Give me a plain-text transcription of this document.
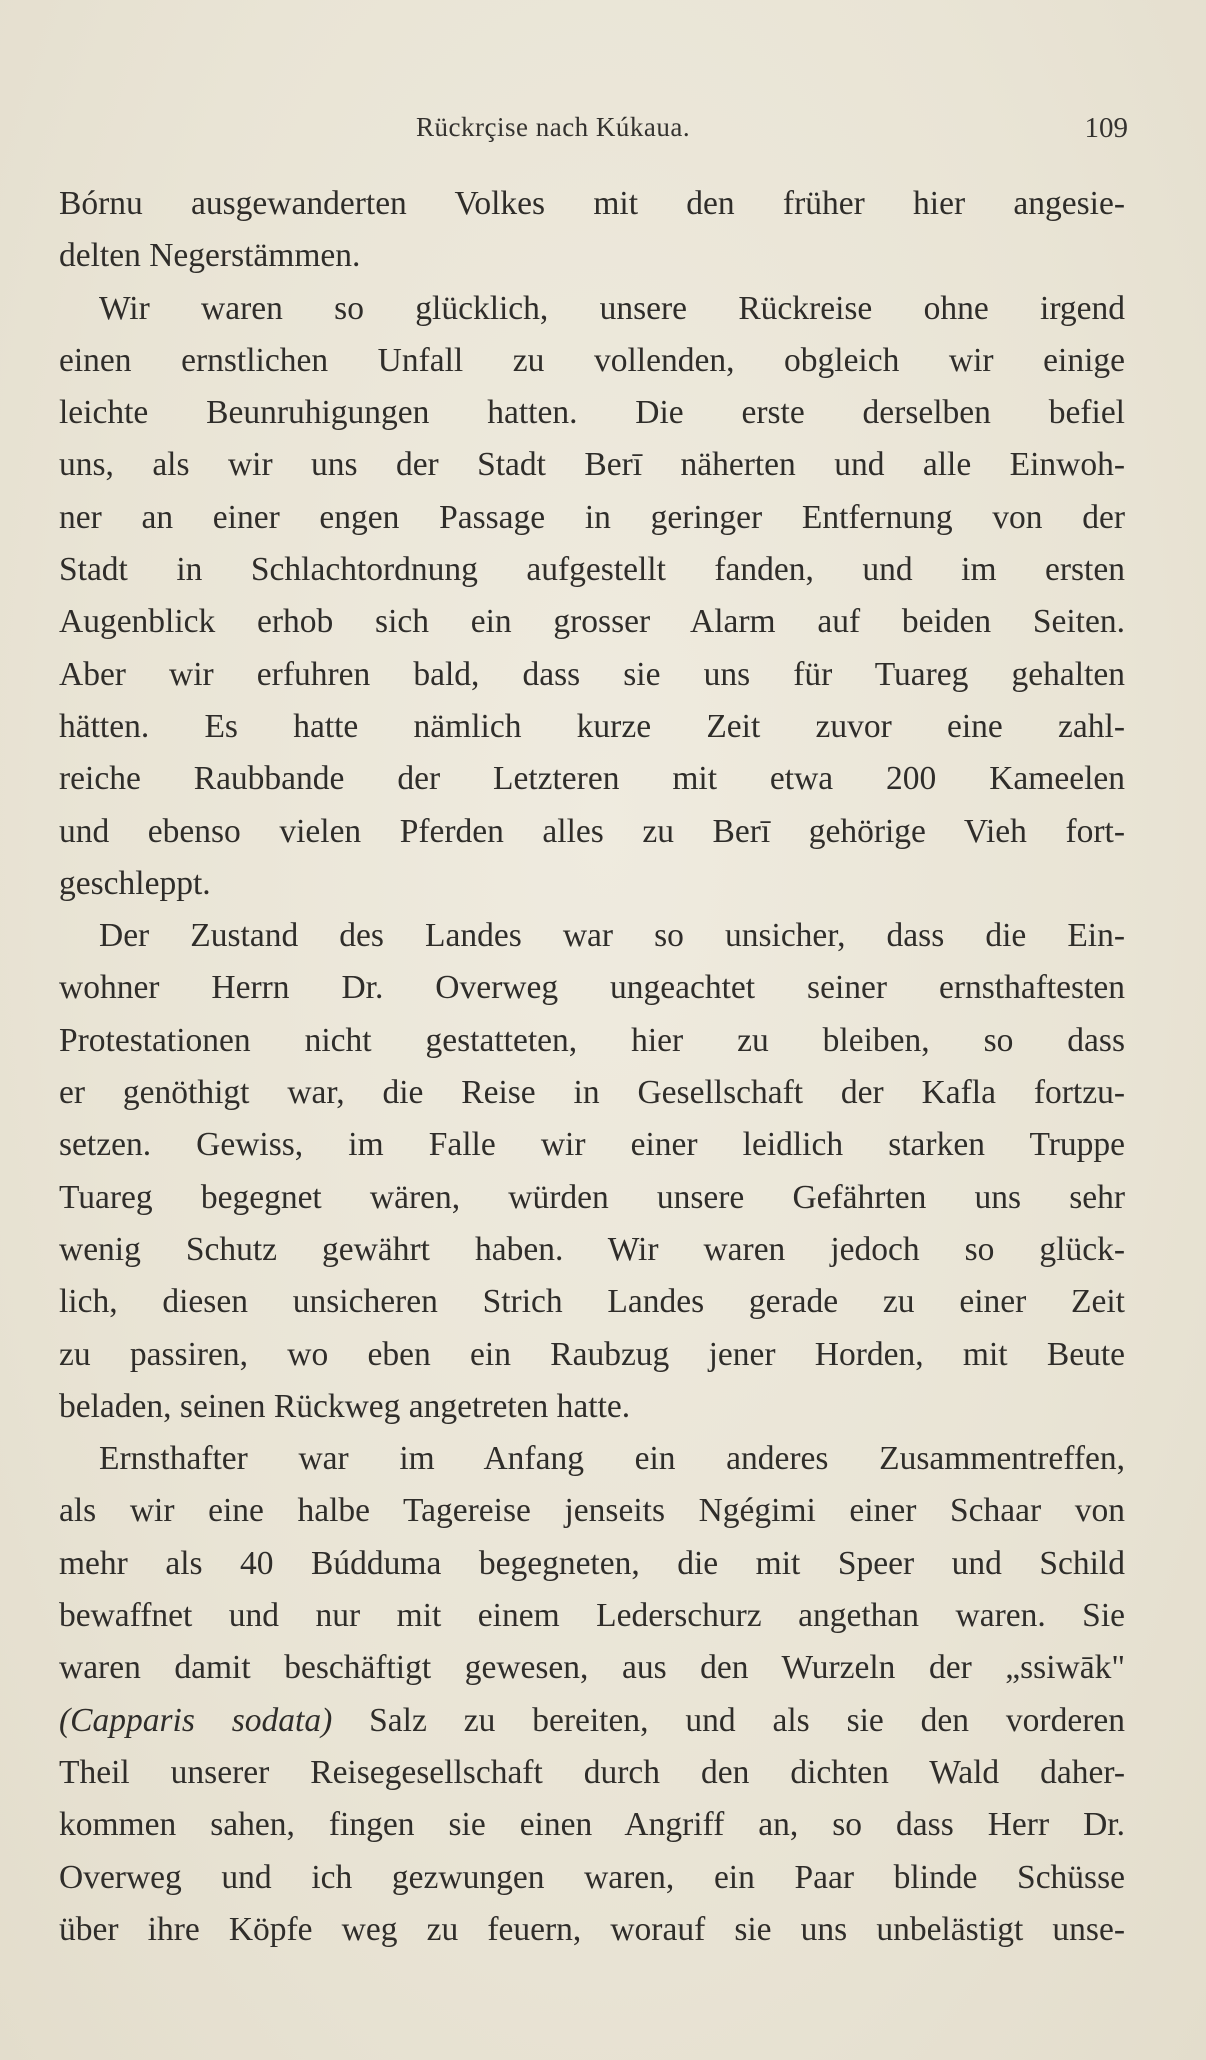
Rückrçise nach Kúkaua.	109
Bórnu ausgewanderten Volkes mit den früher hier angesie-
delten Negerstämmen.
Wir waren so glücklich, unsere Rückreise ohne irgend
einen ernstlichen Unfall zu vollenden, obgleich wir einige
leichte Beunruhigungen hatten. Die erste derselben befiel
uns, als wir uns der Stadt Berī näherten und alle Einwoh-
ner an einer engen Passage in geringer Entfernung von der
Stadt in Schlachtordnung aufgestellt fanden, und im ersten
Augenblick erhob sich ein grosser Alarm auf beiden Seiten.
Aber wir erfuhren bald, dass sie uns für Tuareg gehalten
hätten. Es hatte nämlich kurze Zeit zuvor eine zahl-
reiche Raubbande der Letzteren mit etwa 200 Kameelen
und ebenso vielen Pferden alles zu Berī gehörige Vieh fort-
geschleppt.
Der Zustand des Landes war so unsicher, dass die Ein-
wohner Herrn Dr. Overweg ungeachtet seiner ernsthaftesten
Protestationen nicht gestatteten, hier zu bleiben, so dass
er genöthigt war, die Reise in Gesellschaft der Kafla fortzu-
setzen. Gewiss, im Falle wir einer leidlich starken Truppe
Tuareg begegnet wären, würden unsere Gefährten uns sehr
wenig Schutz gewährt haben. Wir waren jedoch so glück-
lich, diesen unsicheren Strich Landes gerade zu einer Zeit
zu passiren, wo eben ein Raubzug jener Horden, mit Beute
beladen, seinen Rückweg angetreten hatte.
Ernsthafter war im Anfang ein anderes Zusammentreffen,
als wir eine halbe Tagereise jenseits Ngégimi einer Schaar von
mehr als 40 Búdduma begegneten, die mit Speer und Schild
bewaffnet und nur mit einem Lederschurz angethan waren. Sie
waren damit beschäftigt gewesen, aus den Wurzeln der „ssiwāk"
(Capparis sodata) Salz zu bereiten, und als sie den vorderen
Theil unserer Reisegesellschaft durch den dichten Wald daher-
kommen sahen, fingen sie einen Angriff an, so dass Herr Dr.
Overweg und ich gezwungen waren, ein Paar blinde Schüsse
über ihre Köpfe weg zu feuern, worauf sie uns unbelästigt unse-
